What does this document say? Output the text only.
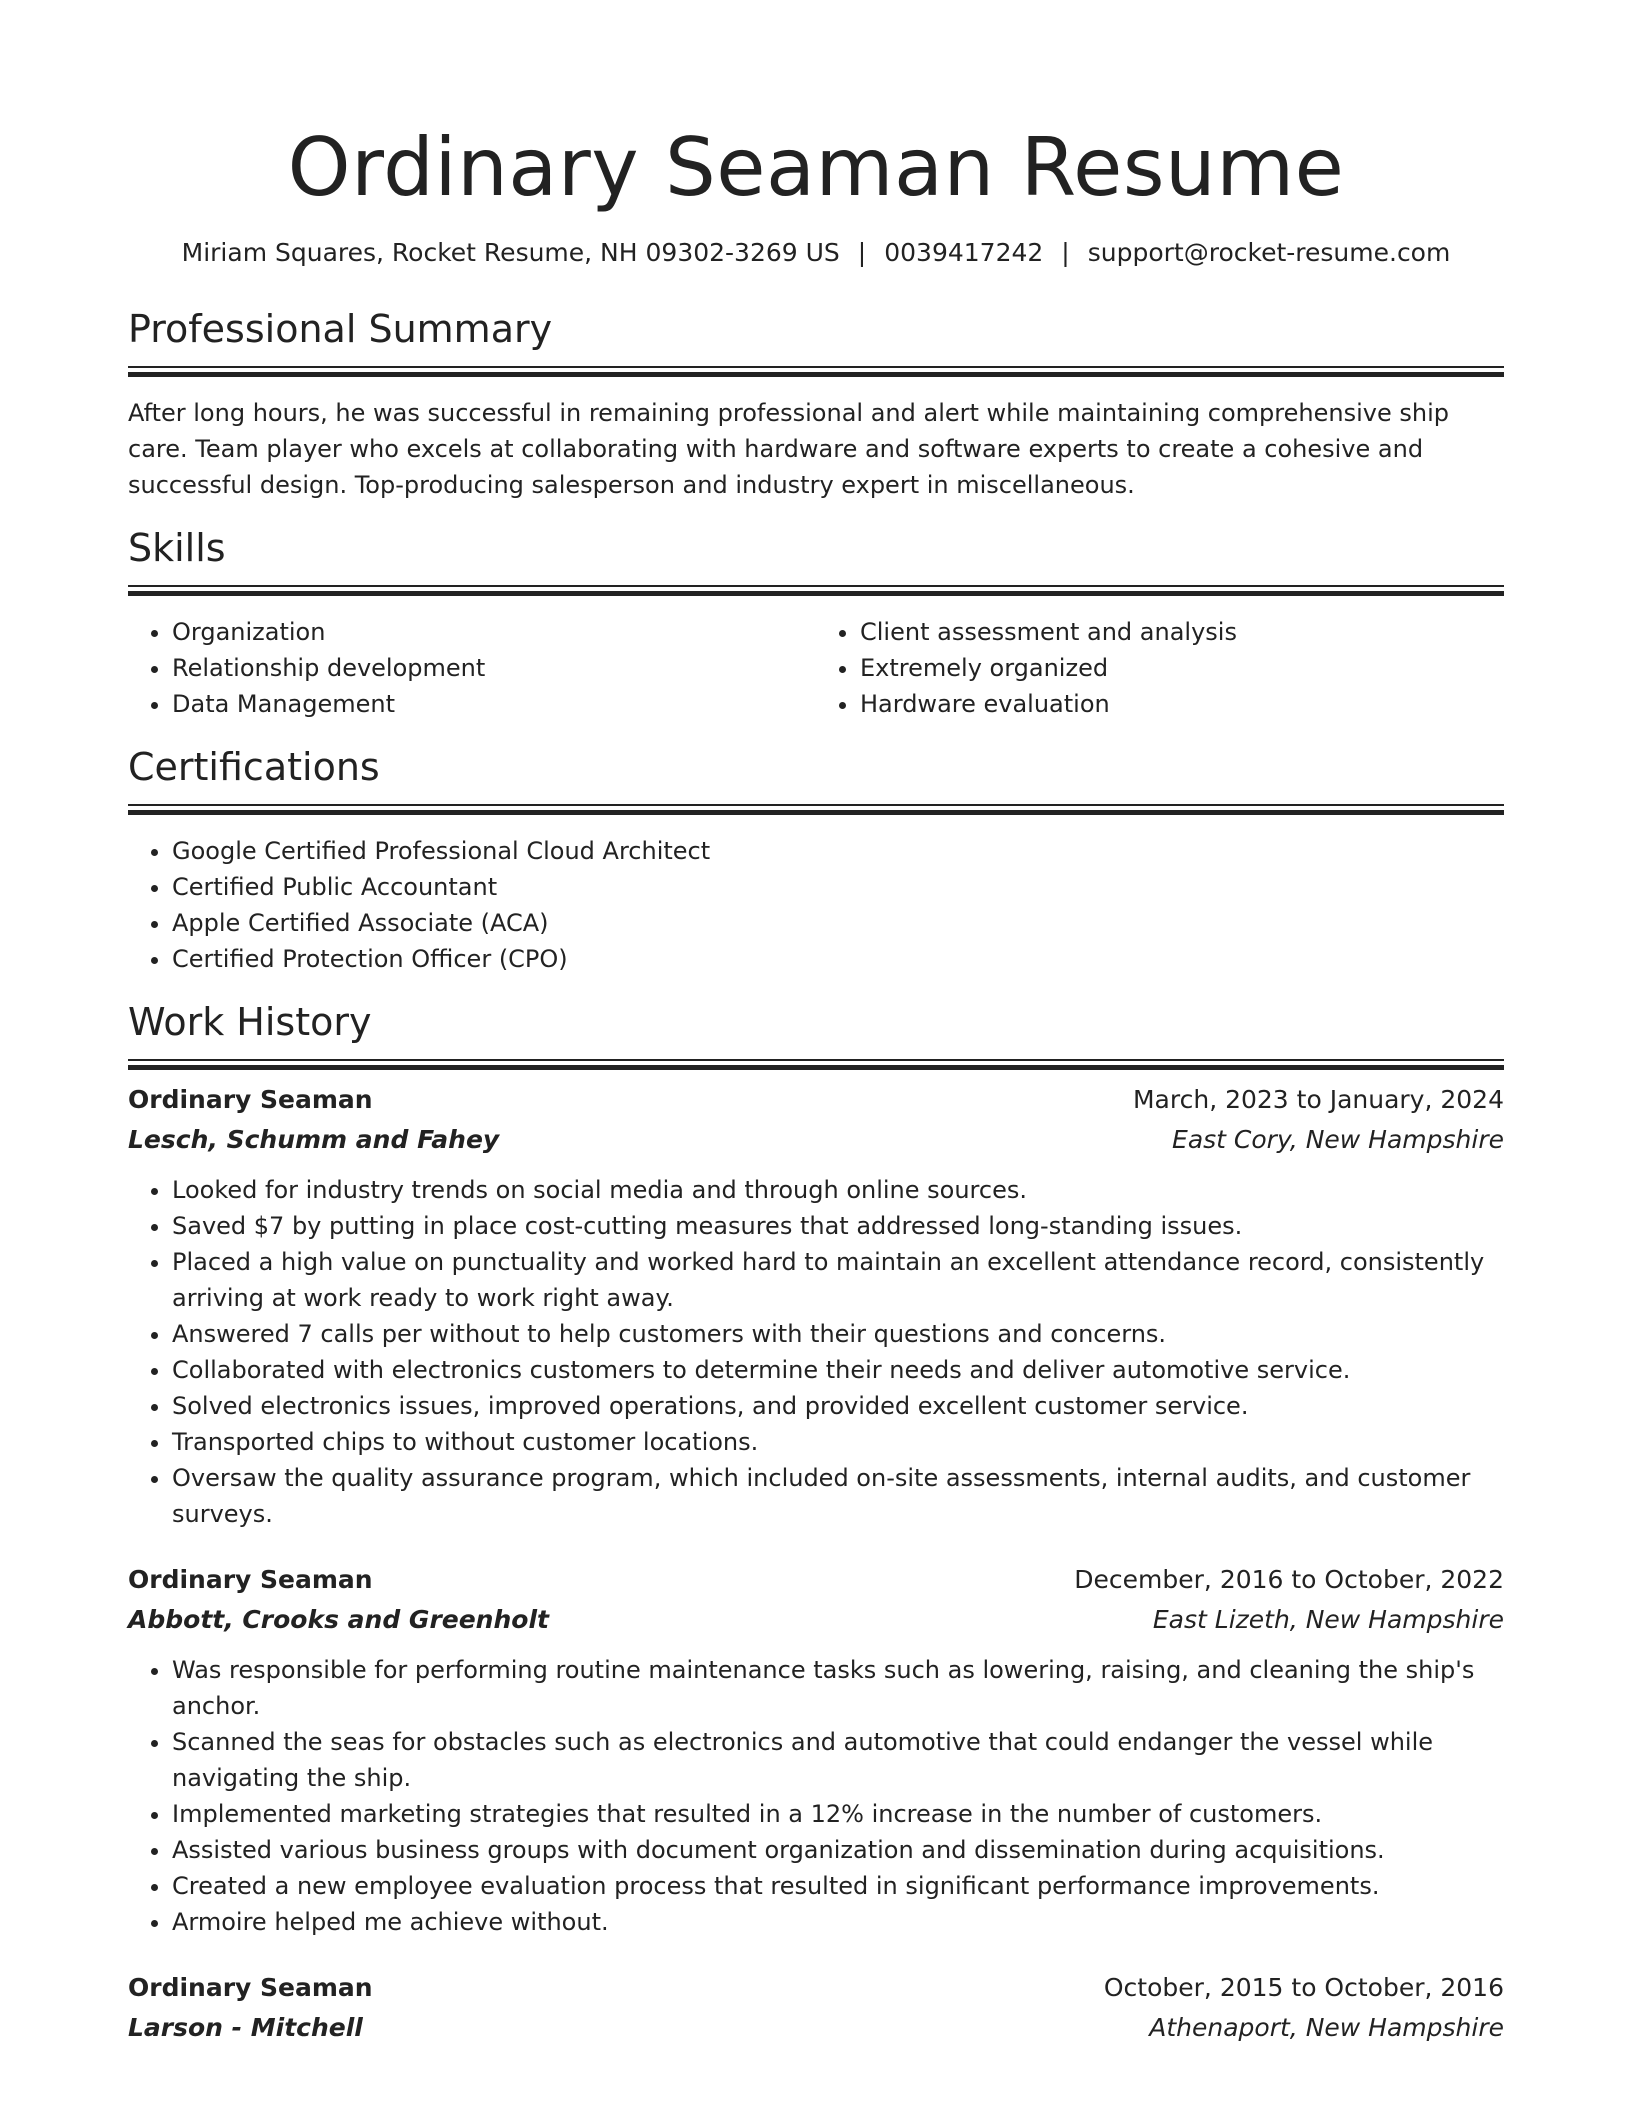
Ordinary Seaman Resume
Miriam Squares, Rocket Resume, NH 09302-3269 US | 0039417242 | support@rocket-resume.com
Professional Summary

After long hours, he was successful in remaining professional and alert while maintaining comprehensive ship care. Team player who excels at collaborating with hardware and software experts to create a cohesive and successful design. Top-producing salesperson and industry expert in miscellaneous.

Skills
• Organization
• Relationship development
• Data Management
• Client assessment and analysis
• Extremely organized
• Hardware evaluation
Certifications
• Google Certified Professional Cloud Architect
• Certified Public Accountant
• Apple Certified Associate (ACA)
• Certified Protection Officer (CPO)
Work History
Ordinary Seaman	March, 2023 to January, 2024
Lesch, Schumm and Fahey	East Cory, New Hampshire
• Looked for industry trends on social media and through online sources.
• Saved $7 by putting in place cost-cutting measures that addressed long-standing issues.
• Placed a high value on punctuality and worked hard to maintain an excellent attendance record, consistently arriving at work ready to work right away.
• Answered 7 calls per without to help customers with their questions and concerns.
• Collaborated with electronics customers to determine their needs and deliver automotive service.
• Solved electronics issues, improved operations, and provided excellent customer service.
• Transported chips to without customer locations.
• Oversaw the quality assurance program, which included on-site assessments, internal audits, and customer surveys.
Ordinary Seaman	December, 2016 to October, 2022
Abbott, Crooks and Greenholt	East Lizeth, New Hampshire
• Was responsible for performing routine maintenance tasks such as lowering, raising, and cleaning the ship's anchor.
• Scanned the seas for obstacles such as electronics and automotive that could endanger the vessel while navigating the ship.
• Implemented marketing strategies that resulted in a 12% increase in the number of customers.
• Assisted various business groups with document organization and dissemination during acquisitions.
• Created a new employee evaluation process that resulted in significant performance improvements.
• Armoire helped me achieve without.
Ordinary Seaman	October, 2015 to October, 2016
Larson - Mitchell	Athenaport, New Hampshire
